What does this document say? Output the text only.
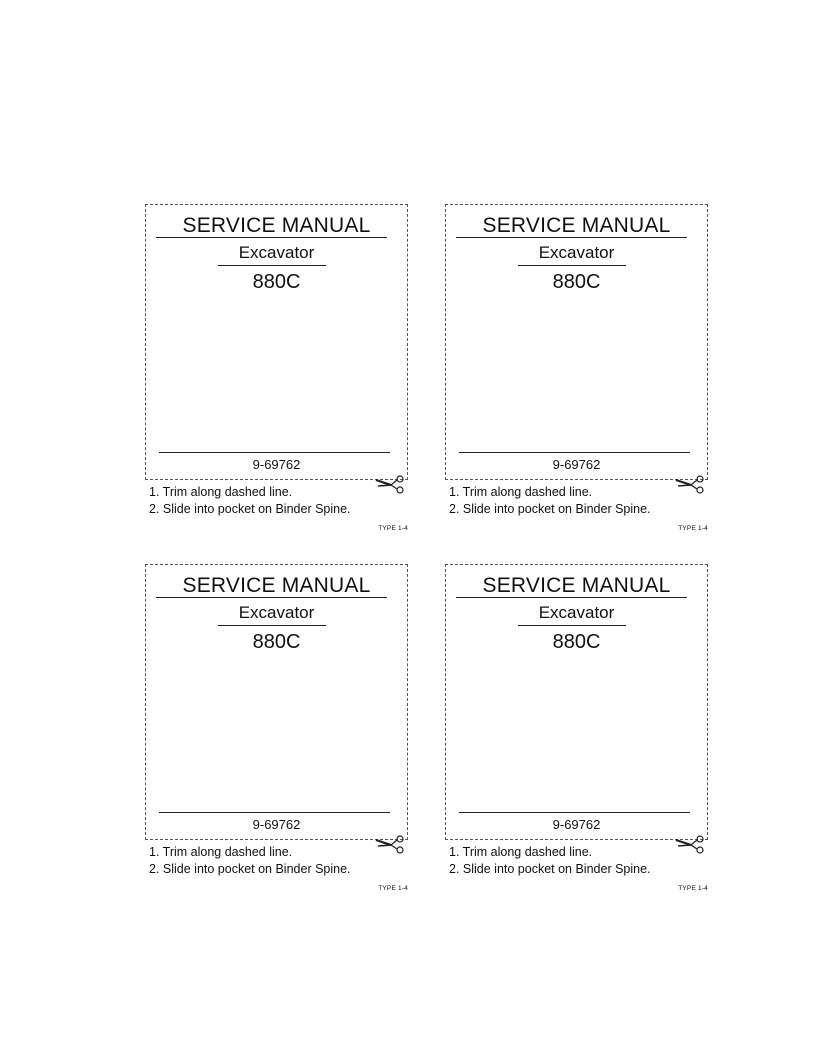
SERVICE MANUAL
Excavator
880C
9-69762
1. Trim along dashed line.
2. Slide into pocket on Binder Spine.
TYPE 1-4
SERVICE MANUAL
Excavator
880C
9-69762
1. Trim along dashed line.
2. Slide into pocket on Binder Spine.
TYPE 1-4
SERVICE MANUAL
Excavator
880C
9-69762
1. Trim along dashed line.
2. Slide into pocket on Binder Spine.
TYPE 1-4
SERVICE MANUAL
Excavator
880C
9-69762
1. Trim along dashed line.
2. Slide into pocket on Binder Spine.
TYPE 1-4
